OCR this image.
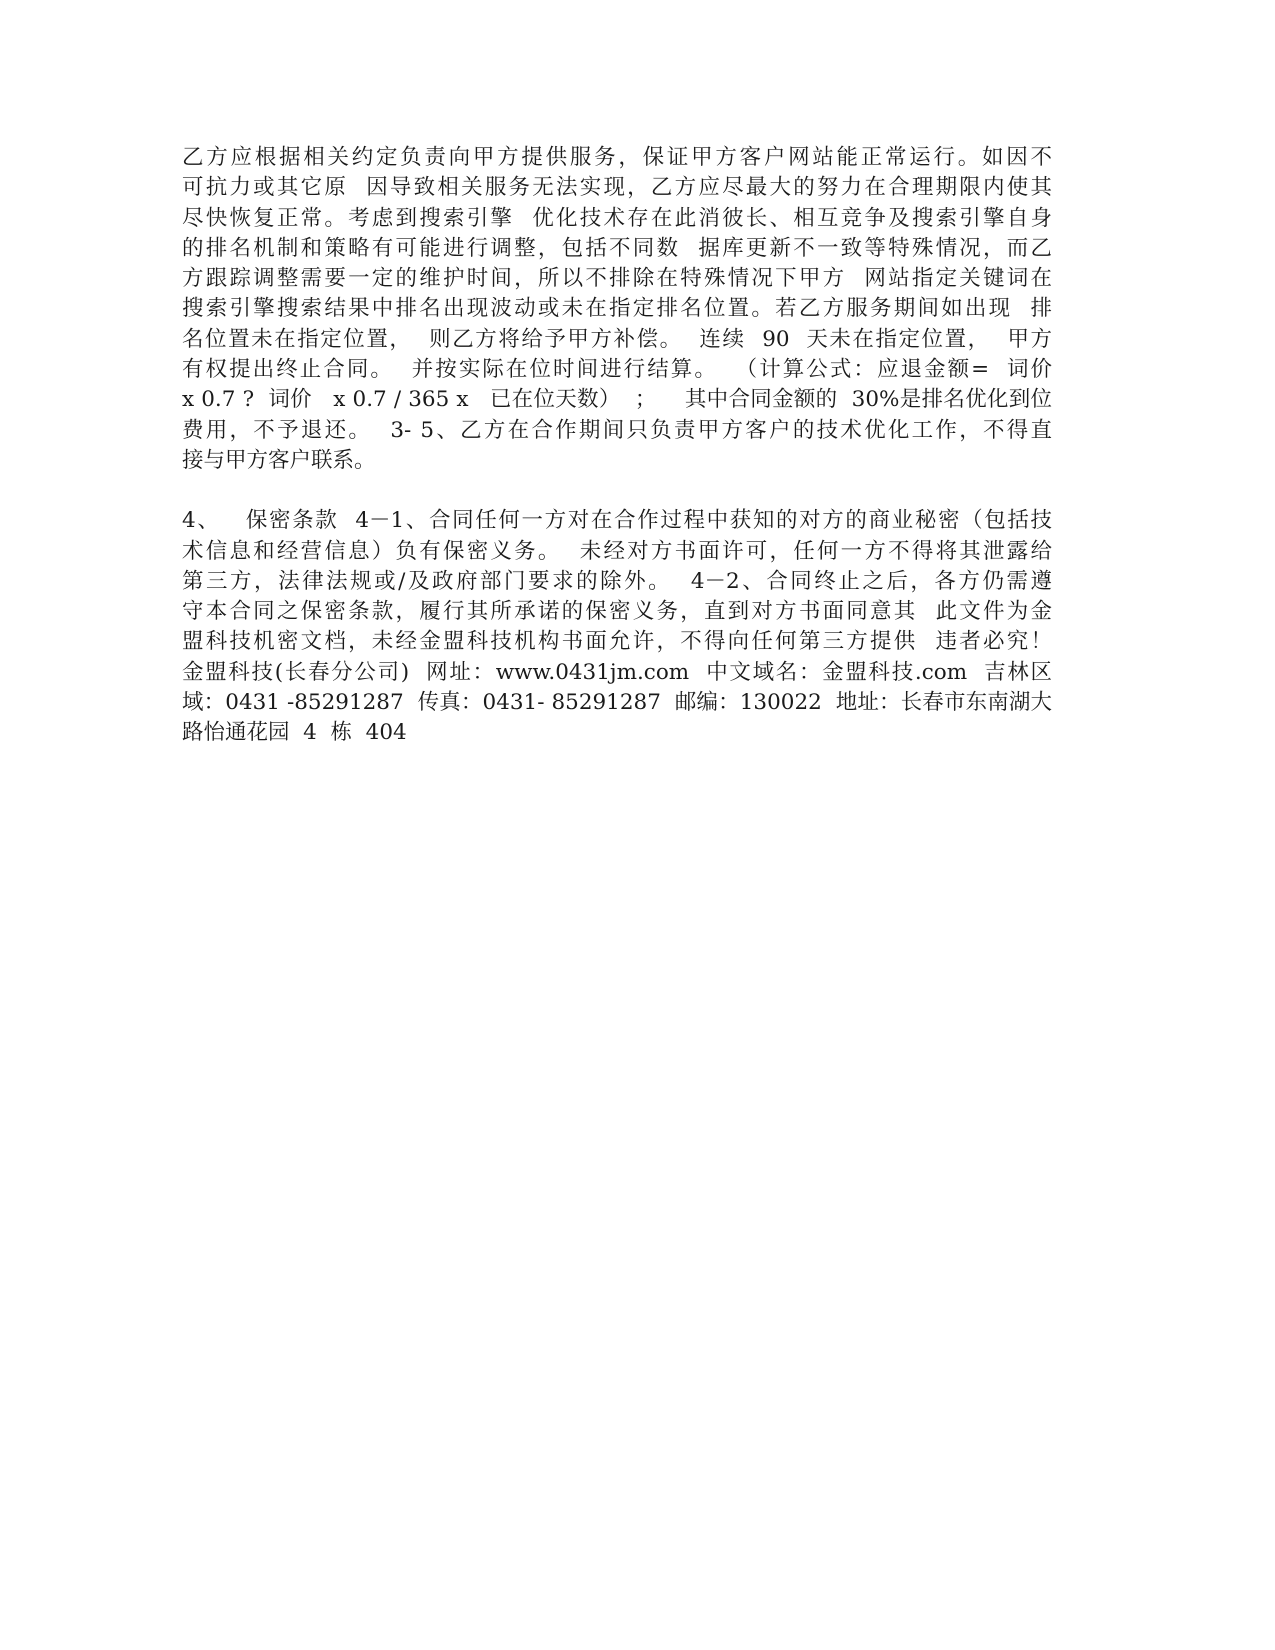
乙方应根据相关约定负责向甲方提供服务，保证甲方客户网站能正常运行。如因不
可抗力或其它原  因导致相关服务无法实现，乙方应尽最大的努力在合理期限内使其
尽快恢复正常。考虑到搜索引擎  优化技术存在此消彼长、相互竞争及搜索引擎自身
的排名机制和策略有可能进行调整，包括不同数  据库更新不一致等特殊情况，而乙
方跟踪调整需要一定的维护时间，所以不排除在特殊情况下甲方  网站指定关键词在
搜索引擎搜索结果中排名出现波动或未在指定排名位置。若乙方服务期间如出现  排
名位置未在指定位置，  则乙方将给予甲方补偿。  连续  90  天未在指定位置，  甲方
有权提出终止合同。  并按实际在位时间进行结算。  （计算公式：应退金额=  词价
x 0.7 ?  词价   x 0.7 / 365 x   已在位天数）  ；    其中合同金额的  30%是排名优化到位
费用，不予退还。  3- 5、乙方在合作期间只负责甲方客户的技术优化工作，不得直
接与甲方客户联系。
4、   保密条款  4－1、合同任何一方对在合作过程中获知的对方的商业秘密（包括技
术信息和经营信息）负有保密义务。  未经对方书面许可，任何一方不得将其泄露给
第三方，法律法规或/及政府部门要求的除外。  4－2、合同终止之后，各方仍需遵
守本合同之保密条款，履行其所承诺的保密义务，直到对方书面同意其  此文件为金
盟科技机密文档，未经金盟科技机构书面允许，不得向任何第三方提供  违者必究！
金盟科技(长春分公司)  网址：www.0431jm.com  中文域名：金盟科技.com  吉林区
域：0431 -85291287  传真：0431- 85291287  邮编：130022  地址：长春市东南湖大
路怡通花园  4  栋  404
